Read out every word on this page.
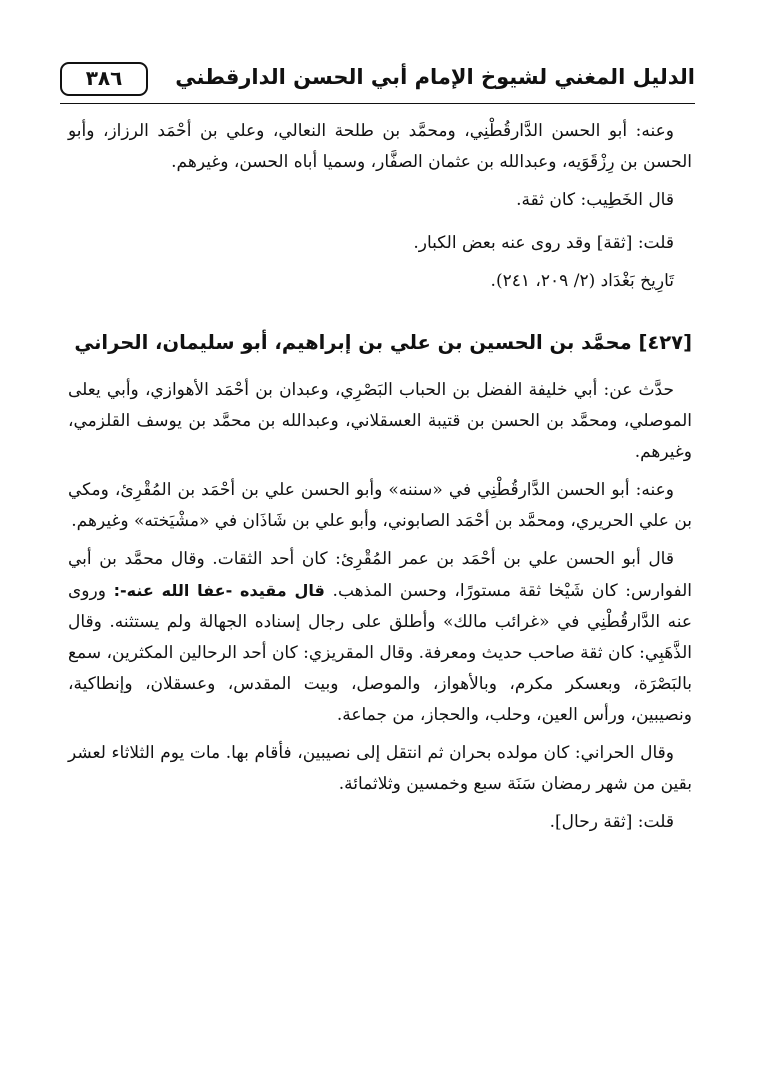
الدليل المغني لشيوخ الإمام أبي الحسن الدارقطني
٣٨٦

وعنه: أبو الحسن الدَّارقُطْنِي، ومحمَّد بن طلحة النعالي، وعلي بن أحْمَد الرزاز، وأبو الحسن بن رِزْقَوَيه، وعبدالله بن عثمان الصفَّار، وسميا أباه الحسن، وغيرهم.

قال الخَطِيب: كان ثقة.

قلت: [ثقة] وقد روى عنه بعض الكبار.

تَارِيخ بَغْدَاد (٢/ ٢٠٩، ٢٤١).

[٤٢٧] محمَّد بن الحسين بن علي بن إبراهيم، أبو سليمان، الحراني

حدَّث عن: أبي خليفة الفضل بن الحباب البَصْرِي، وعبدان بن أحْمَد الأهوازي، وأبي يعلى الموصلي، ومحمَّد بن الحسن بن قتيبة العسقلاني، وعبدالله بن محمَّد بن يوسف القلزمي، وغيرهم.

وعنه: أبو الحسن الدَّارقُطْنِي في «سننه» وأبو الحسن علي بن أحْمَد بن المُقْرِئ، ومكي بن علي الحريري، ومحمَّد بن أحْمَد الصابوني، وأبو علي بن شَاذَان في «مشْيَخته» وغيرهم.

قال أبو الحسن علي بن أحْمَد بن عمر المُقْرِئ: كان أحد الثقات. وقال محمَّد بن أبي الفوارس: كان شَيْخا ثقة مستورًا، وحسن المذهب. قال مقيده -عفا الله عنه-: وروى عنه الدَّارقُطْنِي في «غرائب مالك» وأطلق على رجال إسناده الجهالة ولم يستثنه. وقال الذَّهَبِي: كان ثقة صاحب حديث ومعرفة. وقال المقريزي: كان أحد الرحالين المكثرين، سمع بالبَصْرَة، وبعسكر مكرم، وبالأهواز، والموصل، وبيت المقدس، وعسقلان، وإنطاكية، ونصيبين، ورأس العين، وحلب، والحجاز، من جماعة.

وقال الحراني: كان مولده بحران ثم انتقل إلى نصيبين، فأقام بها. مات يوم الثلاثاء لعشر بقين من شهر رمضان سَنَة سبع وخمسين وثلاثمائة.

قلت: [ثقة رحال].
